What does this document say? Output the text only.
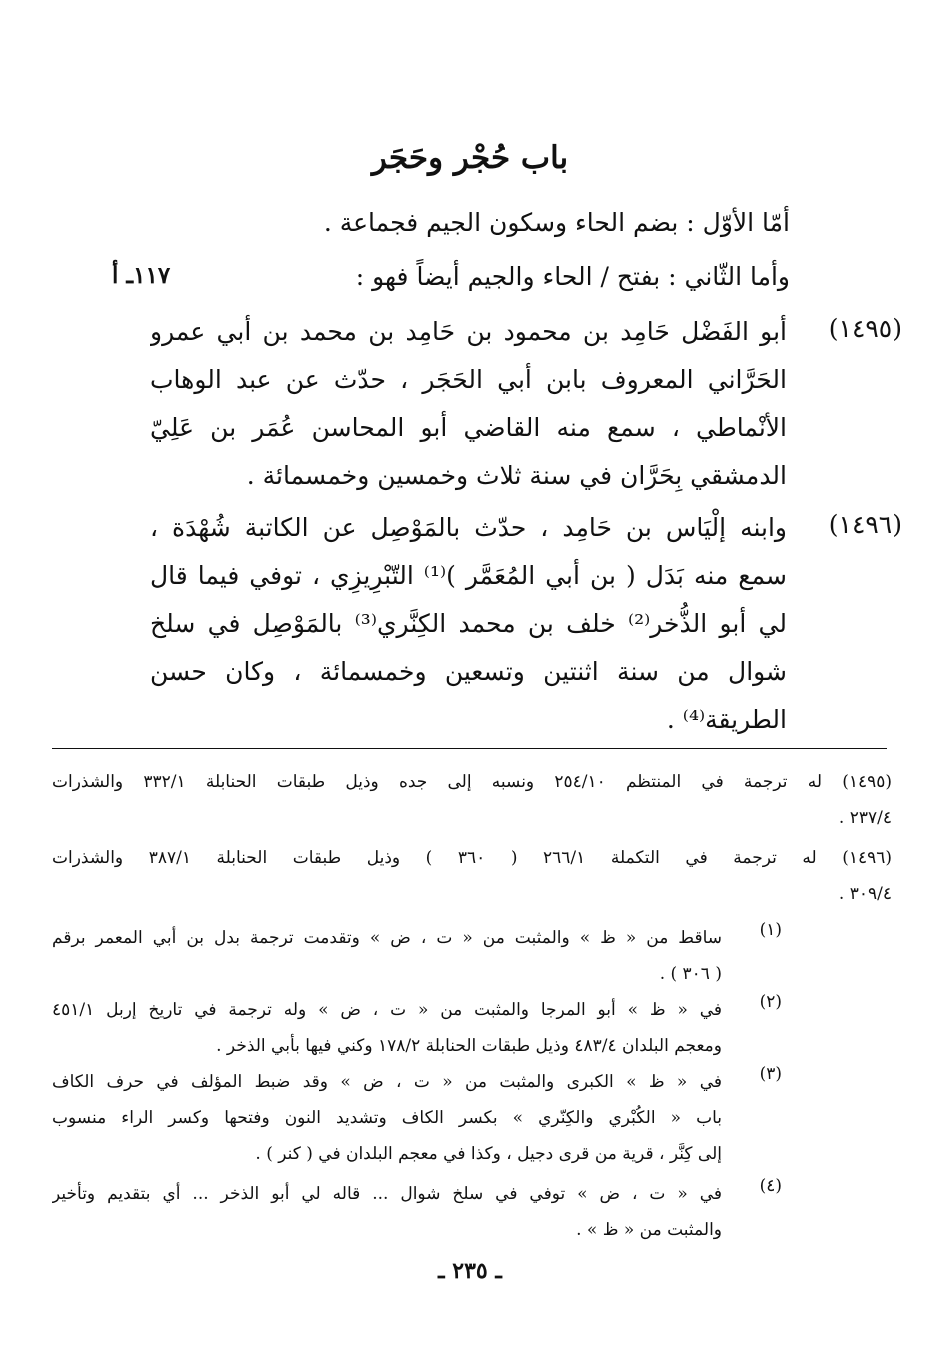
باب حُجْر وحَجَر
أمّا الأوّل : بضم الحاء وسكون الجيم فجماعة .
وأما الثّاني : بفتح / الحاء والجيم أيضاً فهو :
١١٧ـ أ
(١٤٩٥)
أبو الفَضْل حَامِد بن محمود بن حَامِد بن محمد بن أبي عمرو
الحَرَّاني المعروف بابن أبي الحَجَر ، حدّث عن عبد الوهاب
الأنْماطي ، سمع منه القاضي أبو المحاسن عُمَر بن عَلِيّ
الدمشقي بِحَرَّان في سنة ثلاث وخمسين وخمسمائة .
(١٤٩٦)
وابنه إلْيَاس بن حَامِد ، حدّث بالمَوْصِل عن الكاتبة شُهْدَة ،
سمع منه بَدَل ( بن أبي المُعَمَّر )⁽¹⁾ التّبْرِيزِي ، توفي فيما قال
لي أبو الذُّخر⁽²⁾ خلف بن محمد الكِنَّري⁽³⁾ بالمَوْصِل في سلخ
شوال من سنة اثنتين وتسعين وخمسمائة ، وكان حسن
الطريقة⁽⁴⁾ .
(١٤٩٥) له ترجمة في المنتظم ٢٥٤/١٠ ونسبه إلى جده وذيل طبقات الحنابلة ٣٣٢/١ والشذرات
٢٣٧/٤ .
(١٤٩٦) له ترجمة في التكملة ٢٦٦/١ ( ٣٦٠ ) وذيل طبقات الحنابلة ٣٨٧/١ والشذرات
٣٠٩/٤ .
(١)
ساقط من « ظ » والمثبت من « ت ، ض » وتقدمت ترجمة بدل بن أبي المعمر برقم
( ٣٠٦ ) .
(٢)
في « ظ » أبو المرجا والمثبت من « ت ، ض » وله ترجمة في تاريخ إربل ٤٥١/١
ومعجم البلدان ٤٨٣/٤ وذيل طبقات الحنابلة ١٧٨/٢ وكني فيها بأبي الذخر .
(٣)
في « ظ » الكبرى والمثبت من « ت ، ض » وقد ضبط المؤلف في حرف الكاف
باب « الكُبْري والكِنّري » بكسر الكاف وتشديد النون وفتحها وكسر الراء منسوب
إلى كِنَّر ، قرية من قرى دجيل ، وكذا في معجم البلدان في ( كنر ) .
(٤)
في « ت ، ض » توفي في سلخ شوال ... قاله لي أبو الذخر ... أي بتقديم وتأخير
والمثبت من « ظ » .
ـ ٢٣٥ ـ
